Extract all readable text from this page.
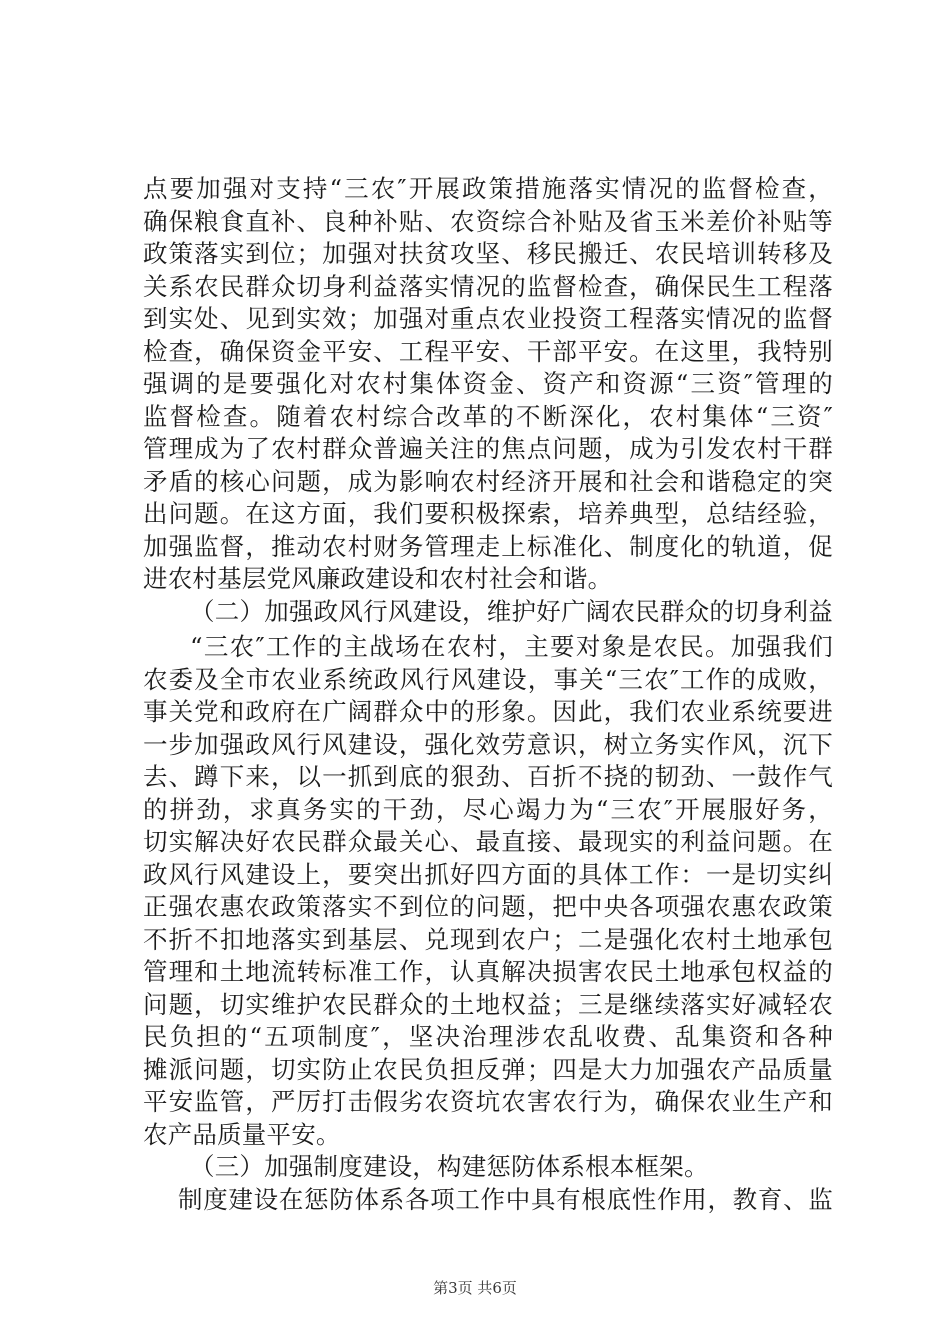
点要加强对支持“三农″开展政策措施落实情况的监督检查，
确保粮食直补、良种补贴、农资综合补贴及省玉米差价补贴等
政策落实到位；加强对扶贫攻坚、移民搬迁、农民培训转移及
关系农民群众切身利益落实情况的监督检查，确保民生工程落
到实处、见到实效；加强对重点农业投资工程落实情况的监督
检查，确保资金平安、工程平安、干部平安。在这里，我特别
强调的是要强化对农村集体资金、资产和资源“三资″管理的
监督检查。随着农村综合改革的不断深化，农村集体“三资″
管理成为了农村群众普遍关注的焦点问题，成为引发农村干群
矛盾的核心问题，成为影响农村经济开展和社会和谐稳定的突
出问题。在这方面，我们要积极探索，培养典型，总结经验，
加强监督，推动农村财务管理走上标准化、制度化的轨道，促
进农村基层党风廉政建设和农村社会和谐。
（二）加强政风行风建设，维护好广阔农民群众的切身利益
“三农″工作的主战场在农村，主要对象是农民。加强我们
农委及全市农业系统政风行风建设，事关“三农″工作的成败，
事关党和政府在广阔群众中的形象。因此，我们农业系统要进
一步加强政风行风建设，强化效劳意识，树立务实作风，沉下
去、蹲下来，以一抓到底的狠劲、百折不挠的韧劲、一鼓作气
的拼劲，求真务实的干劲，尽心竭力为“三农″开展服好务，
切实解决好农民群众最关心、最直接、最现实的利益问题。在
政风行风建设上，要突出抓好四方面的具体工作：一是切实纠
正强农惠农政策落实不到位的问题，把中央各项强农惠农政策
不折不扣地落实到基层、兑现到农户；二是强化农村土地承包
管理和土地流转标准工作，认真解决损害农民土地承包权益的
问题，切实维护农民群众的土地权益；三是继续落实好减轻农
民负担的“五项制度″，坚决治理涉农乱收费、乱集资和各种
摊派问题，切实防止农民负担反弹；四是大力加强农产品质量
平安监管，严厉打击假劣农资坑农害农行为，确保农业生产和
农产品质量平安。
（三）加强制度建设，构建惩防体系根本框架。
第3页 共6页
制度建设在惩防体系各项工作中具有根底性作用，教育、监
